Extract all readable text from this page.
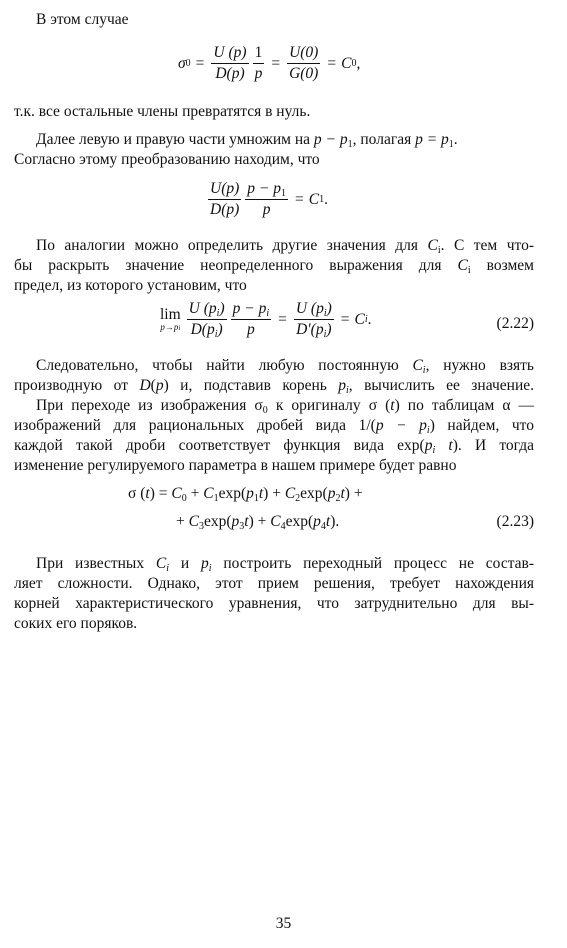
В этом случае
σ $0 = \frac{U (p)}{D(p)} \frac{1}{p} = \frac{U(0)}{G(0)} = C$ 0 ,
т.к. все остальные члены превратятся в нуль.
Далее левую и правую части умножим на $p - p_1$, полагая $p = p_1$.
Согласно этому преобразованию находим, что
$\frac{U(p)}{D(p)} \frac{p - p_1}{p} = C$ 1 .
По аналогии можно определить другие значения для $C_i$. С тем что-
бы раскрыть значение неопределенного выражения для $C_i$ возмем
предел, из которого установим, что
lim
$p\to pi \frac{U (p_i)}{D(p_i)} \frac{p - p_i}{p} = \frac{U (p_i)}{D'(p_i)} = C$ i .	(2.22)
Следовательно, чтобы найти любую постоянную $C_i$, нужно взять
производную от D(p) и, подставив корень $p_i$, вычислить ее значение.
При переходе из изображения $\sigma_0$ к оригиналу σ (t) по таблицам α —
изображений для рациональных дробей вида $1/(p - p_i)$ найдем, что
каждой такой дроби соответствует функция вида $\exp(p_i$ t). И тогда
изменение регулируемого параметра в нашем примере будет равно
σ $(t) = C_0 + C_1\exp(p_1t) + C_2\exp(p_2t)$ +
+ $C_3\exp(p_3t) + C_4\exp(p_4t)$.	(2.23)
При известных $C_i$ и $p_i$ построить переходный процесс не состав-
ляет сложности. Однако, этот прием решения, требует нахождения
корней характеристического уравнения, что затруднительно для вы-
соких его поряков.
35
